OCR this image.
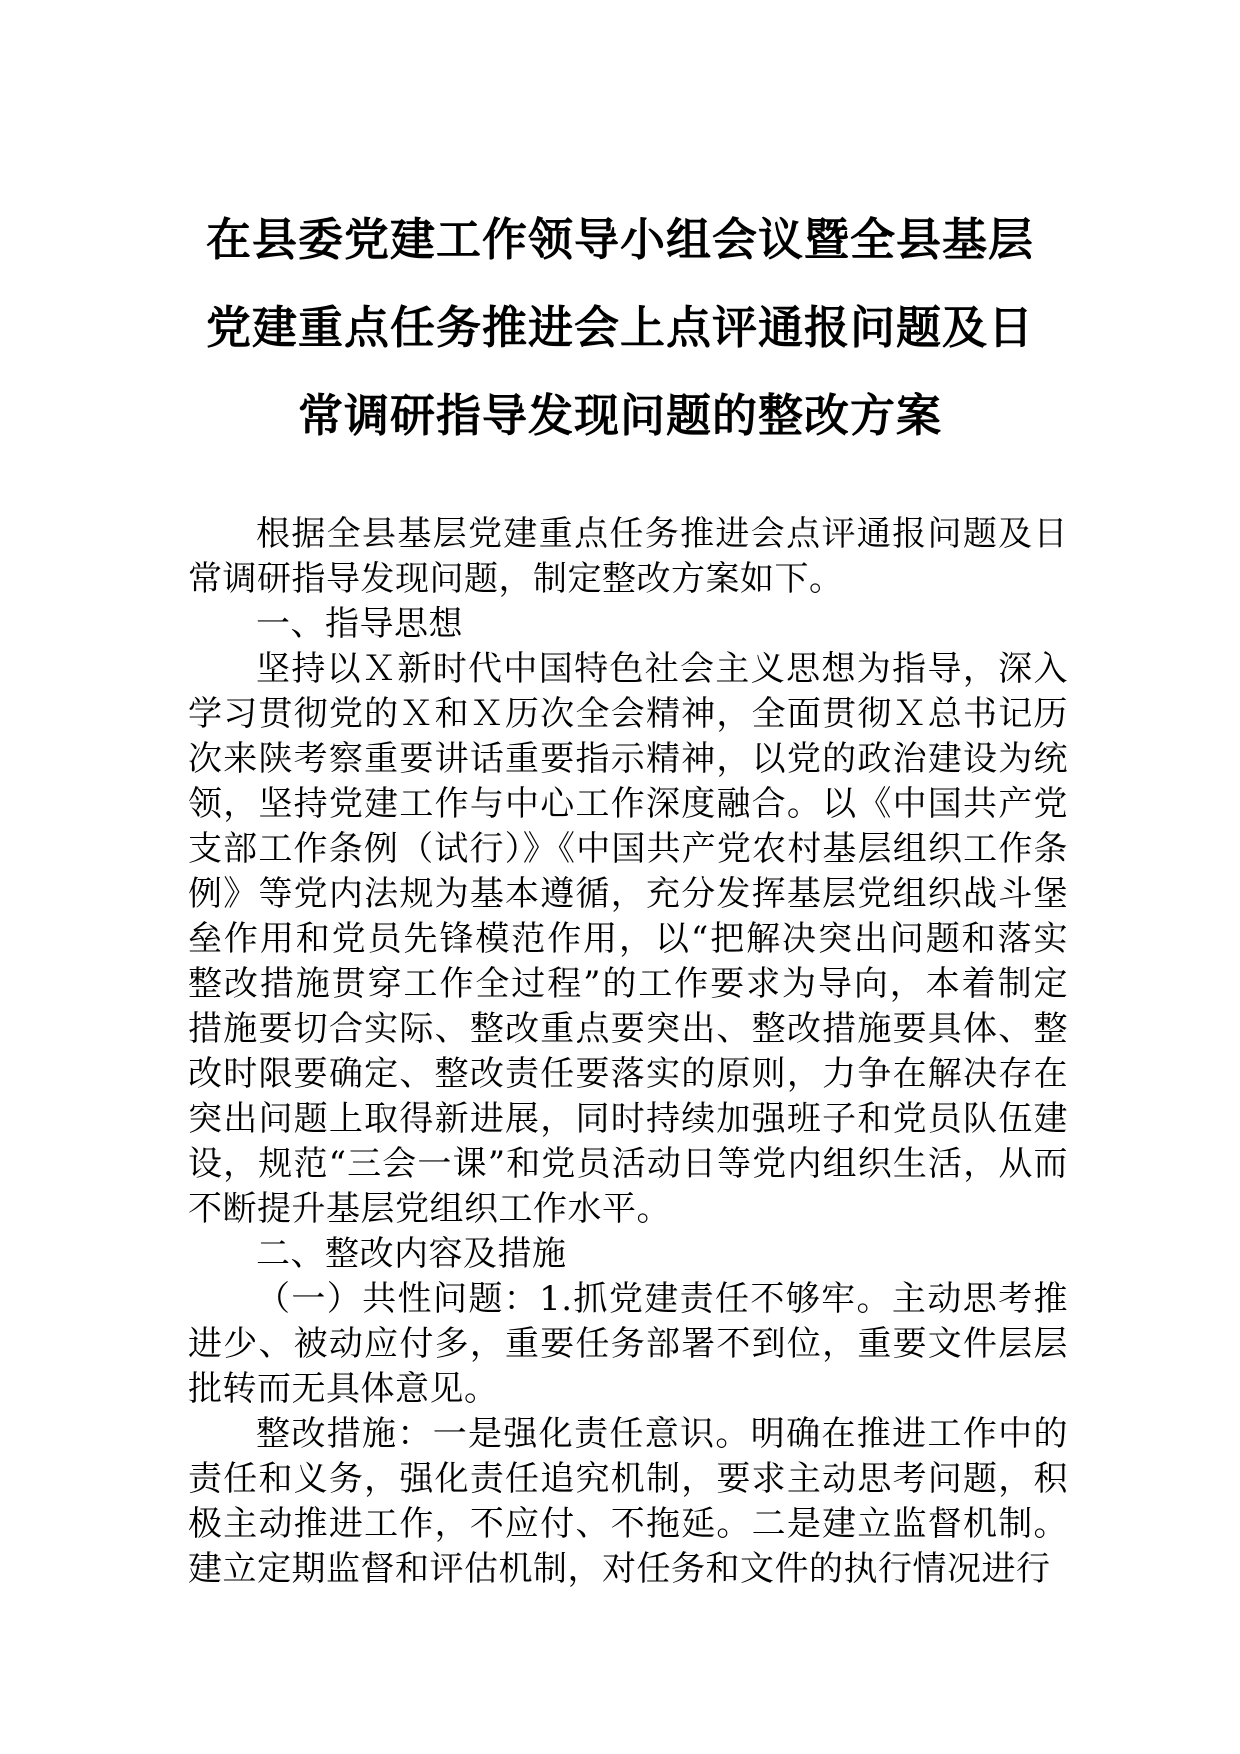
在县委党建工作领导小组会议暨全县基层
党建重点任务推进会上点评通报问题及日
常调研指导发现问题的整改方案

根据全县基层党建重点任务推进会点评通报问题及日常调研指导发现问题，制定整改方案如下。

一、指导思想

坚持以Ｘ新时代中国特色社会主义思想为指导，深入学习贯彻党的Ｘ和Ｘ历次全会精神，全面贯彻Ｘ总书记历次来陕考察重要讲话重要指示精神，以党的政治建设为统领，坚持党建工作与中心工作深度融合。以《中国共产党支部工作条例（试行）》《中国共产党农村基层组织工作条例》等党内法规为基本遵循，充分发挥基层党组织战斗堡垒作用和党员先锋模范作用，以“把解决突出问题和落实整改措施贯穿工作全过程”的工作要求为导向，本着制定措施要切合实际、整改重点要突出、整改措施要具体、整改时限要确定、整改责任要落实的原则，力争在解决存在突出问题上取得新进展，同时持续加强班子和党员队伍建设，规范“三会一课”和党员活动日等党内组织生活，从而不断提升基层党组织工作水平。

二、整改内容及措施

（一）共性问题：1.抓党建责任不够牢。主动思考推进少、被动应付多，重要任务部署不到位，重要文件层层批转而无具体意见。

整改措施：一是强化责任意识。明确在推进工作中的责任和义务，强化责任追究机制，要求主动思考问题，积极主动推进工作，不应付、不拖延。二是建立监督机制。建立定期监督和评估机制，对任务和文件的执行情况进行
